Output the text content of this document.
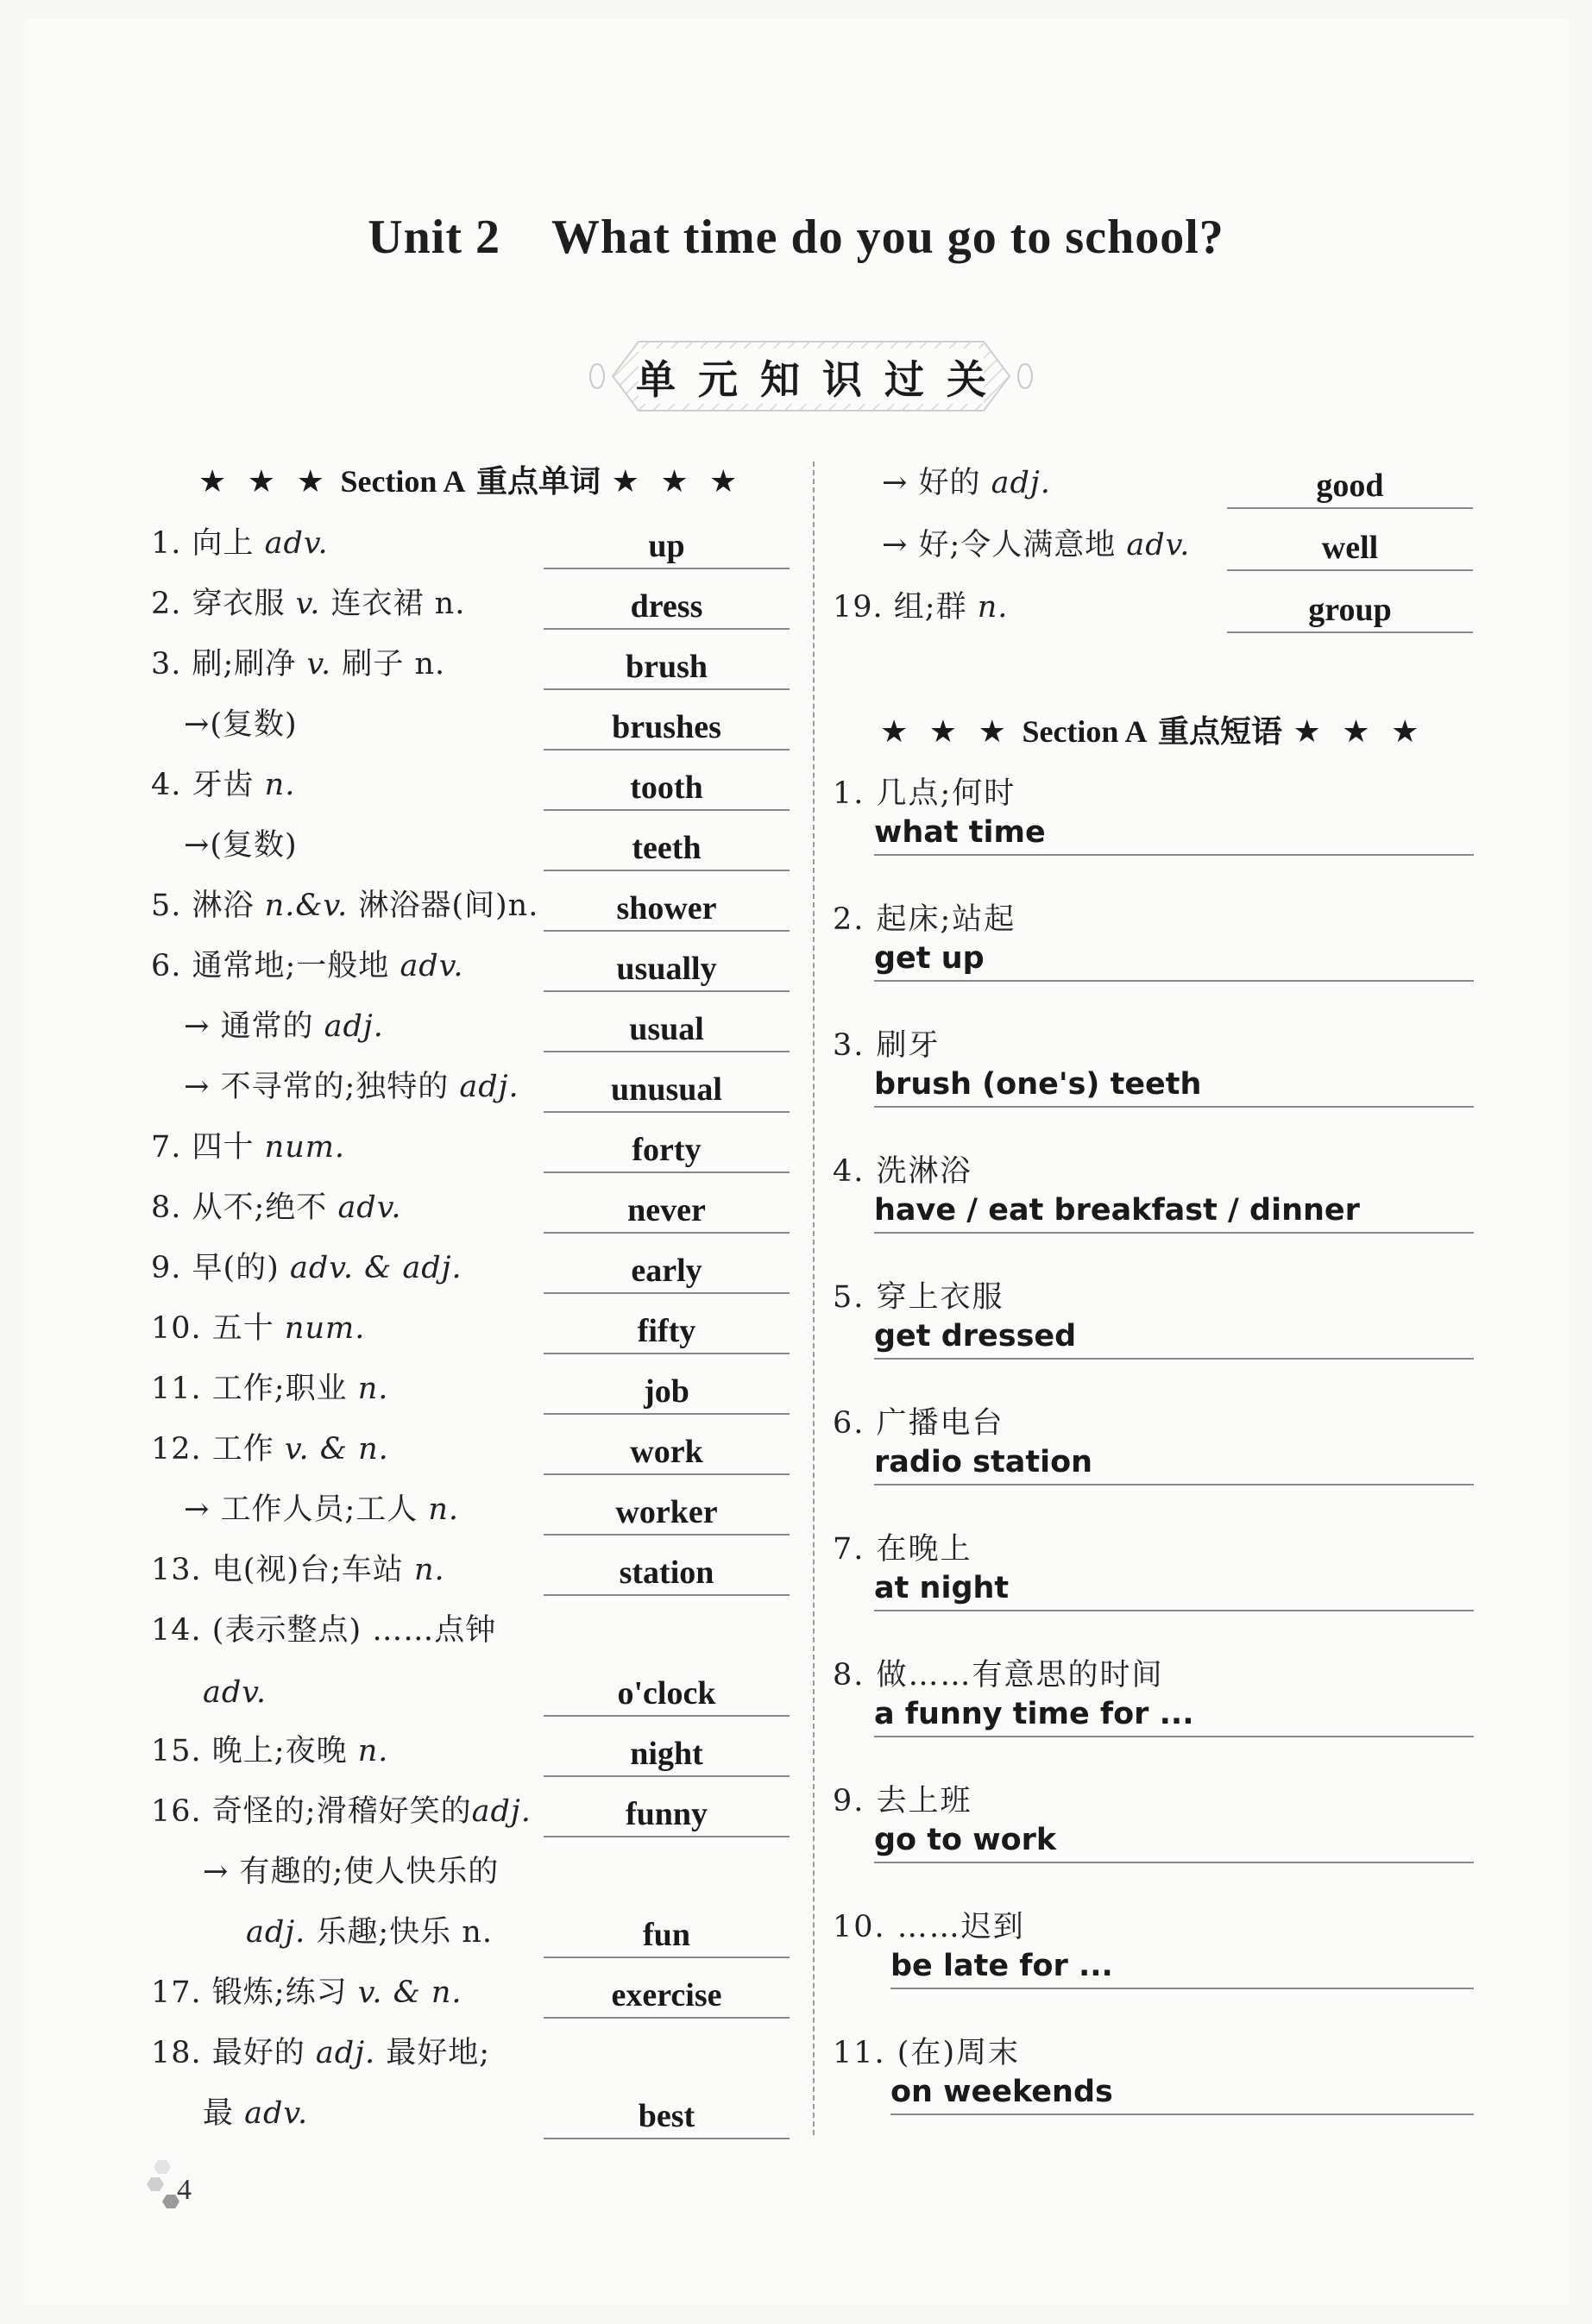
Unit 2    What time do you go to school?
单元知识过关
★ ★ ★ Section A 重点单词 ★ ★ ★
1. 向上 adv.	up
2. 穿衣服 v. 连衣裙 n.	dress
3. 刷;刷净 v. 刷子 n.	brush
→(复数)	brushes
4. 牙齿 n.	tooth
→(复数)	teeth
5. 淋浴 n.&v. 淋浴器(间)n.	shower
6. 通常地;一般地 adv.	usually
→ 通常的 adj.	usual
→ 不寻常的;独特的 adj.	unusual
7. 四十 num.	forty
8. 从不;绝不 adv.	never
9. 早(的) adv. & adj.	early
10. 五十 num.	fifty
11. 工作;职业 n.	job
12. 工作 v. & n.	work
→ 工作人员;工人 n.	worker
13. 电(视)台;车站 n.	station
14. (表示整点) ……点钟
adv.	o'clock
15. 晚上;夜晚 n.	night
16. 奇怪的;滑稽好笑的adj.	funny
→ 有趣的;使人快乐的
adj. 乐趣;快乐 n.	fun
17. 锻炼;练习 v. & n.	exercise
18. 最好的 adj. 最好地;
最 adv.	best
→ 好的 adj.	good
→ 好;令人满意地 adv.	well
19. 组;群 n.	group
★ ★ ★ Section A 重点短语 ★ ★ ★
1. 几点;何时
what time
2. 起床;站起
get up
3. 刷牙
brush (one's) teeth
4. 洗淋浴
have / eat breakfast / dinner
5. 穿上衣服
get dressed
6. 广播电台
radio station
7. 在晚上
at night
8. 做……有意思的时间
a funny time for ...
9. 去上班
go to work
10. ……迟到
be late for ...
11. (在)周末
on weekends
4
